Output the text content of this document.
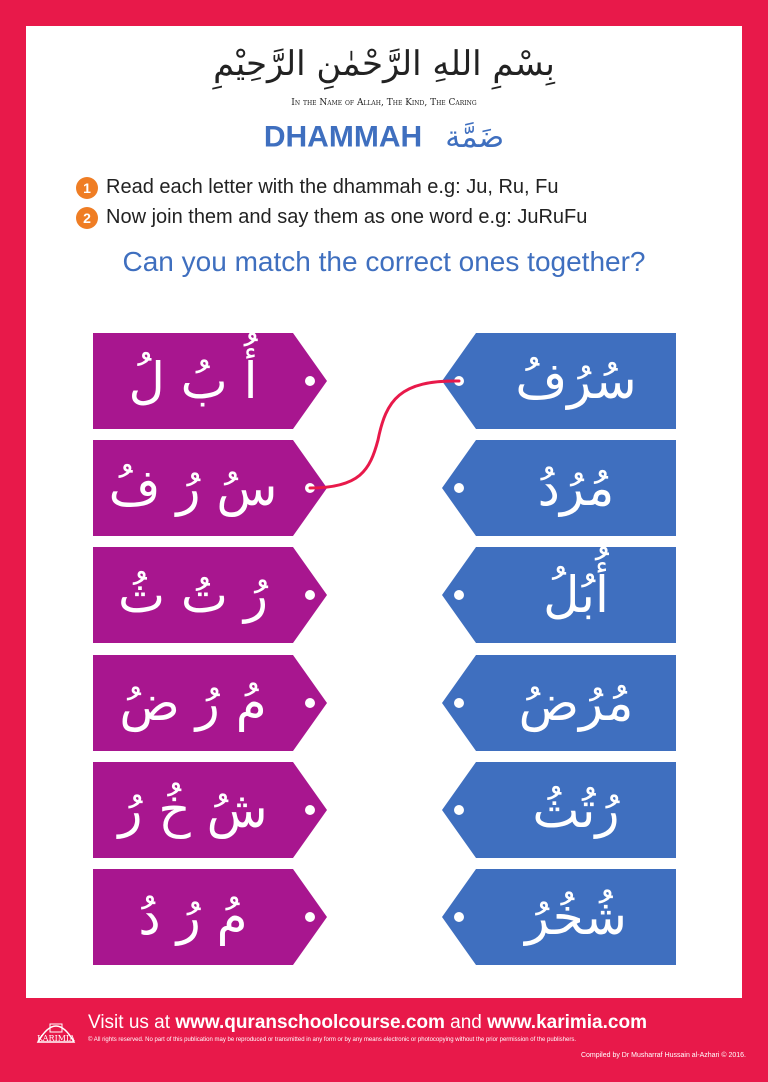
بِسْمِ اللهِ الرَّحْمٰنِ الرَّحِيْمِ
In the Name of Allah, The Kind, The Caring
DHAMMAH ضَمَّة
1 Read each letter with the dhammah e.g: Ju, Ru, Fu
2 Now join them and say them as one word e.g: JuRuFu
Can you match the correct ones together?
أُ بُ لُ
سُ رُ فُ
رُ تُ ثُ
مُ رُ ضُ
شُ خُ رُ
مُ رُ دُ
سُرُفُ
مُرُدُ
أُبُلُ
مُرُضُ
رُتُثُ
شُخُرُ
KARIMIA
Visit us at www.quranschoolcourse.com and www.karimia.com
© All rights reserved. No part of this publication may be reproduced or transmitted in any form or by any means electronic or photocopying without the prior permission of the publishers.
Compiled by Dr Musharraf Hussain al-Azhari © 2016.
